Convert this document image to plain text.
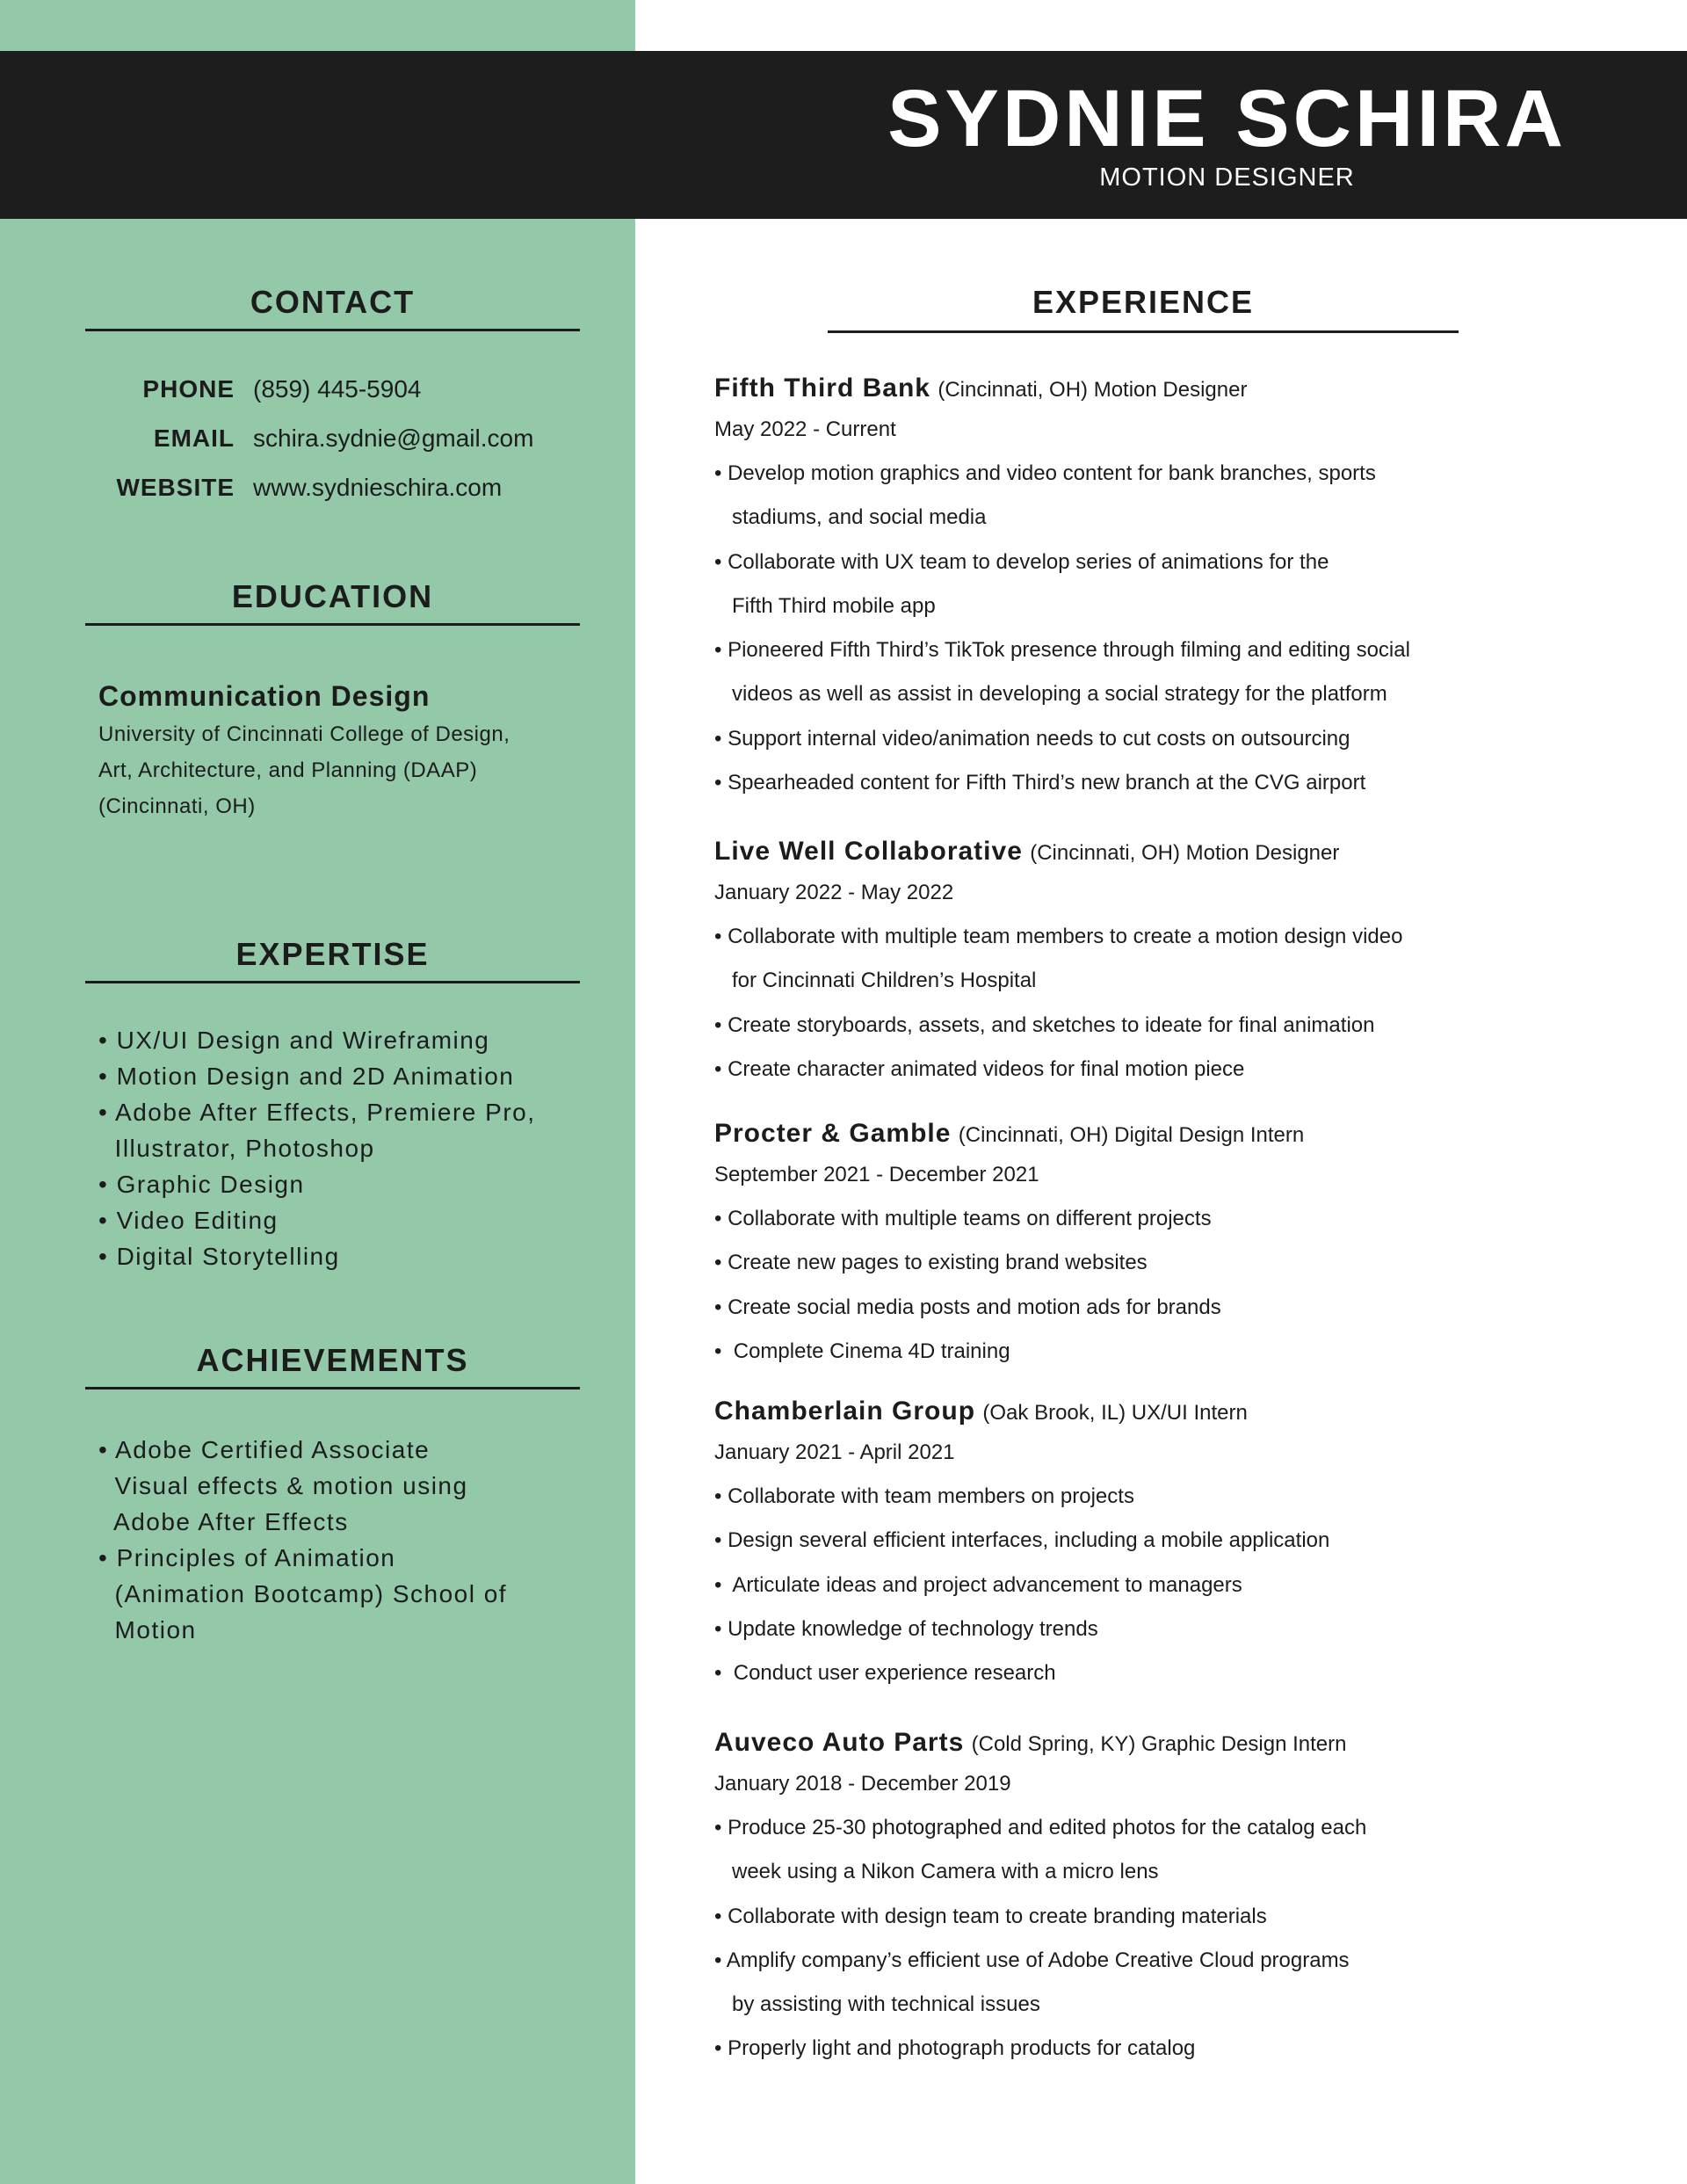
SYDNIE SCHIRA
MOTION DESIGNER
CONTACT
PHONE (859) 445-5904
EMAIL schira.sydnie@gmail.com
WEBSITE www.sydnieschira.com
EDUCATION
Communication Design
University of Cincinnati College of Design,
Art, Architecture, and Planning (DAAP)
(Cincinnati, OH)
EXPERTISE
• UX/UI Design and Wireframing
• Motion Design and 2D Animation
• Adobe After Effects, Premiere Pro,
Illustrator, Photoshop
• Graphic Design
• Video Editing
• Digital Storytelling
ACHIEVEMENTS
• Adobe Certified Associate
Visual effects & motion using
Adobe After Effects
• Principles of Animation
(Animation Bootcamp) School of
Motion
EXPERIENCE

Fifth Third Bank (Cincinnati, OH) Motion Designer

May 2022 - Current
• Develop motion graphics and video content for bank branches, sports
stadiums, and social media
• Collaborate with UX team to develop series of animations for the
Fifth Third mobile app
• Pioneered Fifth Third’s TikTok presence through filming and editing social
videos as well as assist in developing a social strategy for the platform
• Support internal video/animation needs to cut costs on outsourcing
• Spearheaded content for Fifth Third’s new branch at the CVG airport

Live Well Collaborative (Cincinnati, OH) Motion Designer

January 2022 - May 2022
• Collaborate with multiple team members to create a motion design video
for Cincinnati Children’s Hospital
• Create storyboards, assets, and sketches to ideate for final animation
• Create character animated videos for final motion piece

Procter & Gamble (Cincinnati, OH) Digital Design Intern

September 2021 - December 2021
• Collaborate with multiple teams on different projects
• Create new pages to existing brand websites
• Create social media posts and motion ads for brands
•  Complete Cinema 4D training

Chamberlain Group (Oak Brook, IL) UX/UI Intern

January 2021 - April 2021
• Collaborate with team members on projects
• Design several efficient interfaces, including a mobile application
•  Articulate ideas and project advancement to managers
• Update knowledge of technology trends
•  Conduct user experience research

Auveco Auto Parts (Cold Spring, KY) Graphic Design Intern

January 2018 - December 2019
• Produce 25-30 photographed and edited photos for the catalog each
week using a Nikon Camera with a micro lens
• Collaborate with design team to create branding materials
• Amplify company’s efficient use of Adobe Creative Cloud programs
by assisting with technical issues
• Properly light and photograph products for catalog
